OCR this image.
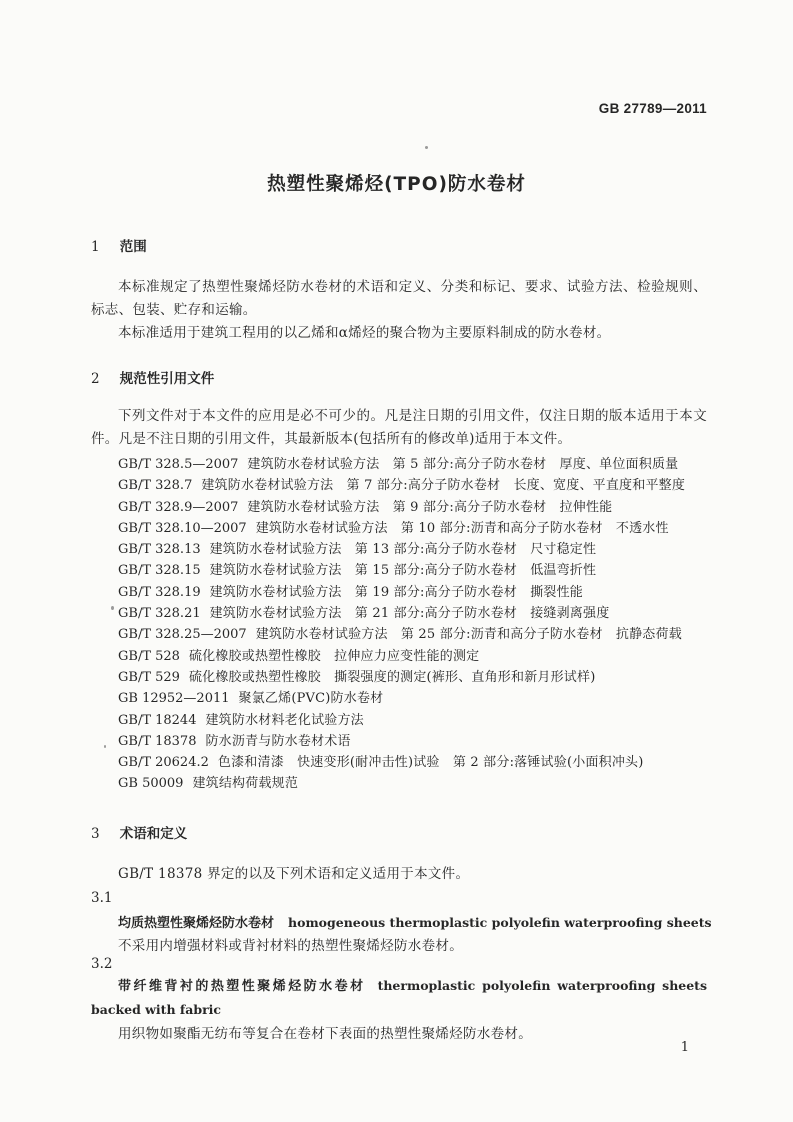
GB 27789—2011
热塑性聚烯烃(TPO)防水卷材
1 范围
本标准规定了热塑性聚烯烃防水卷材的术语和定义、分类和标记、要求、试验方法、检验规则、标志、包装、贮存和运输。
本标准适用于建筑工程用的以乙烯和α烯烃的聚合物为主要原料制成的防水卷材。
2 规范性引用文件
下列文件对于本文件的应用是必不可少的。凡是注日期的引用文件，仅注日期的版本适用于本文件。凡是不注日期的引用文件，其最新版本(包括所有的修改单)适用于本文件。
GB/T 328.5—2007 建筑防水卷材试验方法　第 5 部分:高分子防水卷材　厚度、单位面积质量
GB/T 328.7 建筑防水卷材试验方法　第 7 部分:高分子防水卷材　长度、宽度、平直度和平整度
GB/T 328.9—2007 建筑防水卷材试验方法　第 9 部分:高分子防水卷材　拉伸性能
GB/T 328.10—2007 建筑防水卷材试验方法　第 10 部分:沥青和高分子防水卷材　不透水性
GB/T 328.13 建筑防水卷材试验方法　第 13 部分:高分子防水卷材　尺寸稳定性
GB/T 328.15 建筑防水卷材试验方法　第 15 部分:高分子防水卷材　低温弯折性
GB/T 328.19 建筑防水卷材试验方法　第 19 部分:高分子防水卷材　撕裂性能
GB/T 328.21 建筑防水卷材试验方法　第 21 部分:高分子防水卷材　接缝剥离强度
GB/T 328.25—2007 建筑防水卷材试验方法　第 25 部分:沥青和高分子防水卷材　抗静态荷载
GB/T 528 硫化橡胶或热塑性橡胶　拉伸应力应变性能的测定
GB/T 529 硫化橡胶或热塑性橡胶　撕裂强度的测定(裤形、直角形和新月形试样)
GB 12952—2011 聚氯乙烯(PVC)防水卷材
GB/T 18244 建筑防水材料老化试验方法
GB/T 18378 防水沥青与防水卷材术语
GB/T 20624.2 色漆和清漆　快速变形(耐冲击性)试验　第 2 部分:落锤试验(小面积冲头)
GB 50009 建筑结构荷载规范
3 术语和定义
GB/T 18378 界定的以及下列术语和定义适用于本文件。
3.1
均质热塑性聚烯烃防水卷材 homogeneous thermoplastic polyolefin waterproofing sheets
不采用内增强材料或背衬材料的热塑性聚烯烃防水卷材。
3.2
带纤维背衬的热塑性聚烯烃防水卷材 thermoplastic polyolefin waterproofing sheets backed with fabric
用织物如聚酯无纺布等复合在卷材下表面的热塑性聚烯烃防水卷材。
1
